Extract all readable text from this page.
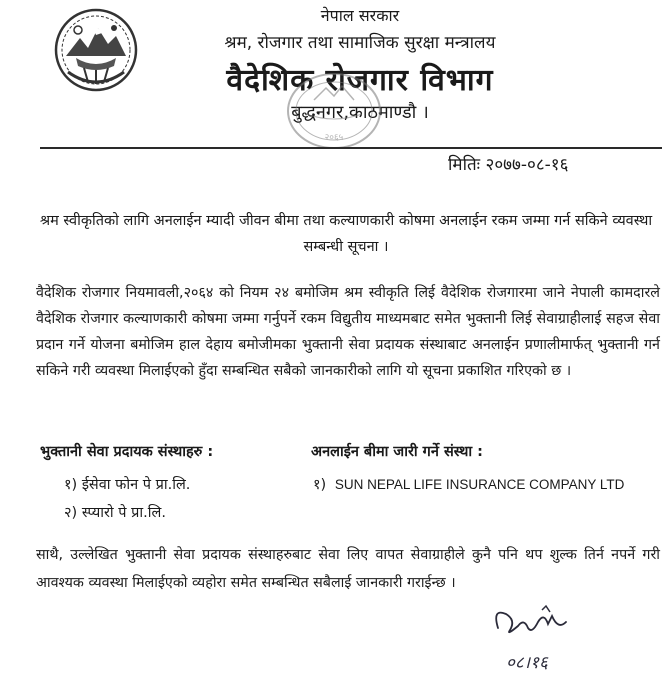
नेपाल सरकार
श्रम, रोजगार तथा सामाजिक सुरक्षा मन्त्रालय
वैदेशिक रोजगार विभाग
बुद्धनगर,काठमाण्डौ ।
२०६५
मितिः २०७७-०८-१६
श्रम स्वीकृतिको लागि अनलाईन म्यादी जीवन बीमा तथा कल्याणकारी कोषमा अनलाईन रकम जम्मा गर्न सकिने व्यवस्था सम्बन्धी सूचना ।
वैदेशिक रोजगार नियमावली,२०६४ को नियम २४ बमोजिम श्रम स्वीकृति लिई वैदेशिक रोजगारमा जाने नेपाली कामदारले वैदेशिक रोजगार कल्याणकारी कोषमा जम्मा गर्नुपर्ने रकम विद्युतीय माध्यमबाट समेत भुक्तानी लिई सेवाग्राहीलाई सहज सेवा प्रदान गर्ने योजना बमोजिम हाल देहाय बमोजीमका भुक्तानी सेवा प्रदायक संस्थाबाट अनलाईन प्रणालीमार्फत् भुक्तानी गर्न सकिने गरी व्यवस्था मिलाईएको हुँदा सम्बन्धित सबैको जानकारीको लागि यो सूचना प्रकाशित गरिएको छ ।
भुक्तानी सेवा प्रदायक संस्थाहरु :	अनलाईन बीमा जारी गर्ने संस्था :
१) ईसेवा फोन पे प्रा.लि.
२) स्प्यारो पे प्रा.लि.
१) SUN NEPAL LIFE INSURANCE COMPANY LTD
साथै, उल्लेखित भुक्तानी सेवा प्रदायक संस्थाहरुबाट सेवा लिए वापत सेवाग्राहीले कुनै पनि थप शुल्क तिर्न नपर्ने गरी आवश्यक व्यवस्था मिलाईएको व्यहोरा समेत सम्बन्धित सबैलाई जानकारी गराईन्छ ।
०८।१६
